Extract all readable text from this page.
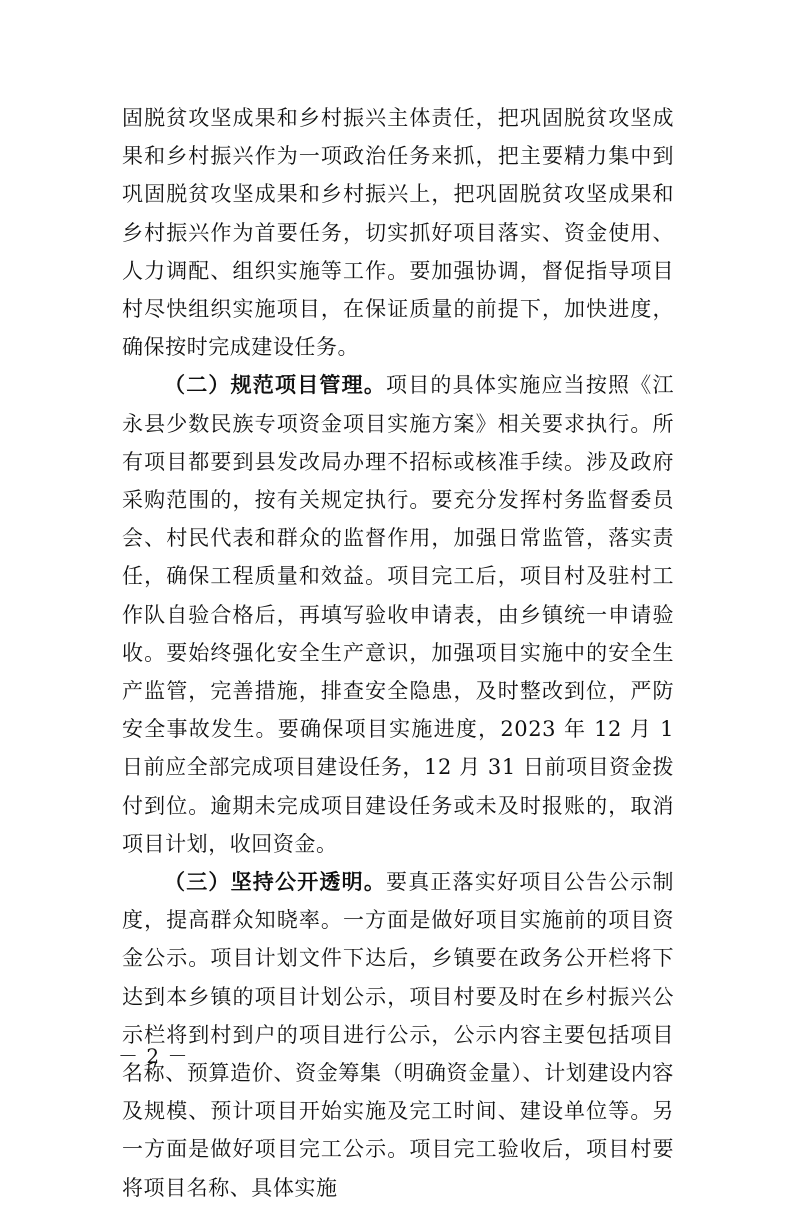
固脱贫攻坚成果和乡村振兴主体责任，把巩固脱贫攻坚成果和乡村振兴作为一项政治任务来抓，把主要精力集中到巩固脱贫攻坚成果和乡村振兴上，把巩固脱贫攻坚成果和乡村振兴作为首要任务，切实抓好项目落实、资金使用、人力调配、组织实施等工作。要加强协调，督促指导项目村尽快组织实施项目，在保证质量的前提下，加快进度，确保按时完成建设任务。

（二）规范项目管理。项目的具体实施应当按照《江永县少数民族专项资金项目实施方案》相关要求执行。所有项目都要到县发改局办理不招标或核准手续。涉及政府采购范围的，按有关规定执行。要充分发挥村务监督委员会、村民代表和群众的监督作用，加强日常监管，落实责任，确保工程质量和效益。项目完工后，项目村及驻村工作队自验合格后，再填写验收申请表，由乡镇统一申请验收。要始终强化安全生产意识，加强项目实施中的安全生产监管，完善措施，排查安全隐患，及时整改到位，严防安全事故发生。要确保项目实施进度，2023 年 12 月 1 日前应全部完成项目建设任务，12 月 31 日前项目资金拨付到位。逾期未完成项目建设任务或未及时报账的，取消项目计划，收回资金。

（三）坚持公开透明。要真正落实好项目公告公示制度，提高群众知晓率。一方面是做好项目实施前的项目资金公示。项目计划文件下达后，乡镇要在政务公开栏将下达到本乡镇的项目计划公示，项目村要及时在乡村振兴公示栏将到村到户的项目进行公示，公示内容主要包括项目名称、预算造价、资金筹集（明确资金量）、计划建设内容及规模、预计项目开始实施及完工时间、建设单位等。另一方面是做好项目完工公示。项目完工验收后，项目村要将项目名称、具体实施

－ 2 －
